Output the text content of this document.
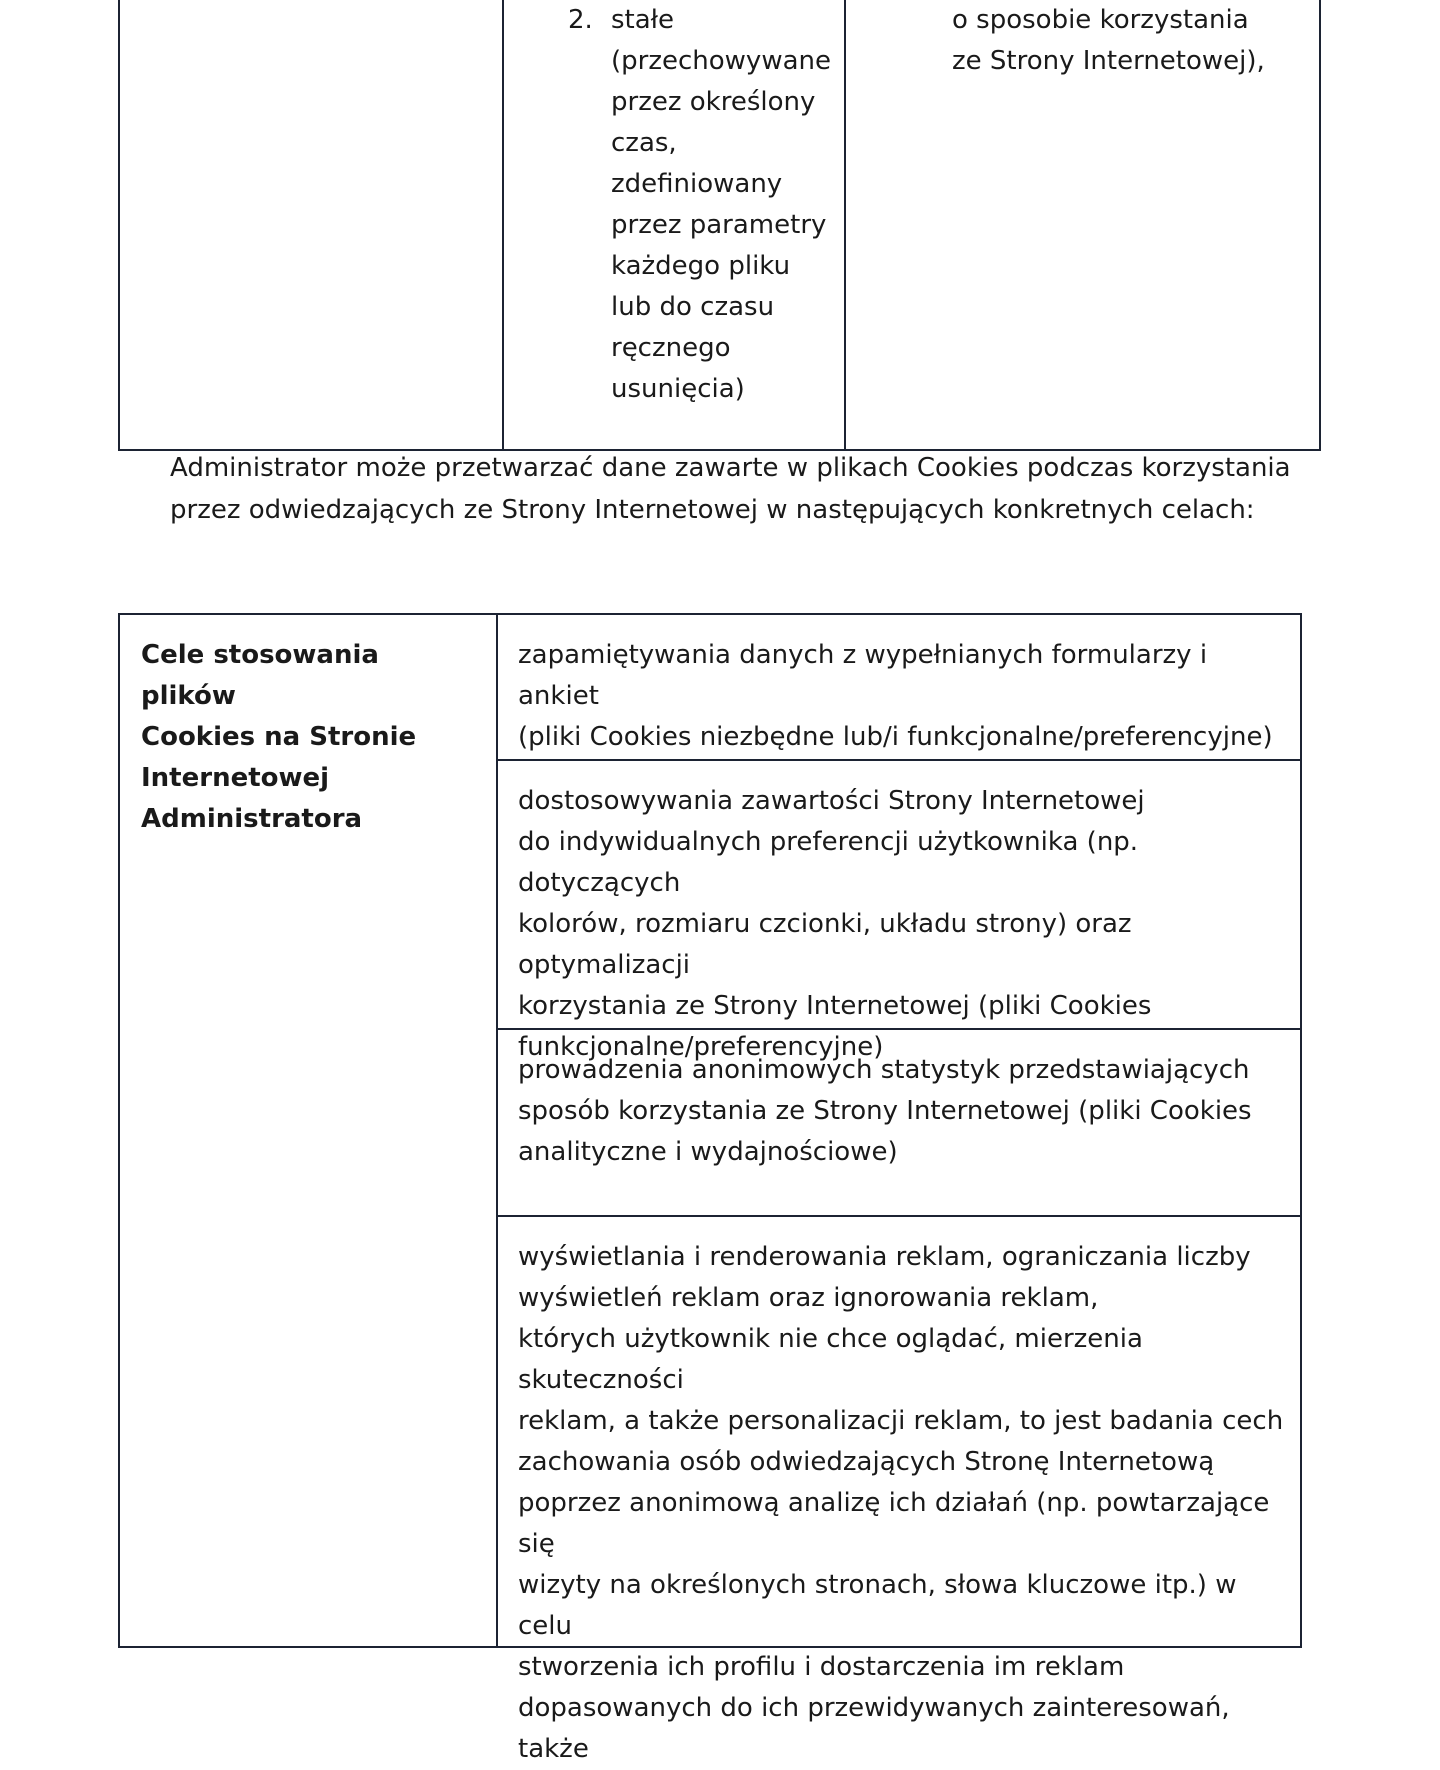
2. stałe
(przechowywane
przez określony
czas,
zdefiniowany
przez parametry
każdego pliku
lub do czasu
ręcznego
usunięcia)
o sposobie korzystania
ze Strony Internetowej),
Administrator może przetwarzać dane zawarte w plikach Cookies podczas korzystania
przez odwiedzających ze Strony Internetowej w następujących konkretnych celach:
Cele stosowania plików
Cookies na Stronie
Internetowej
Administratora
zapamiętywania danych z wypełnianych formularzy i ankiet
(pliki Cookies niezbędne lub/i funkcjonalne/preferencyjne)
dostosowywania zawartości Strony Internetowej
do indywidualnych preferencji użytkownika (np. dotyczących
kolorów, rozmiaru czcionki, układu strony) oraz optymalizacji
korzystania ze Strony Internetowej (pliki Cookies
funkcjonalne/preferencyjne)
prowadzenia anonimowych statystyk przedstawiających
sposób korzystania ze Strony Internetowej (pliki Cookies
analityczne i wydajnościowe)
wyświetlania i renderowania reklam, ograniczania liczby
wyświetleń reklam oraz ignorowania reklam,
których użytkownik nie chce oglądać, mierzenia skuteczności
reklam, a także personalizacji reklam, to jest badania cech
zachowania osób odwiedzających Stronę Internetową
poprzez anonimową analizę ich działań (np. powtarzające się
wizyty na określonych stronach, słowa kluczowe itp.) w celu
stworzenia ich profilu i dostarczenia im reklam
dopasowanych do ich przewidywanych zainteresowań, także
